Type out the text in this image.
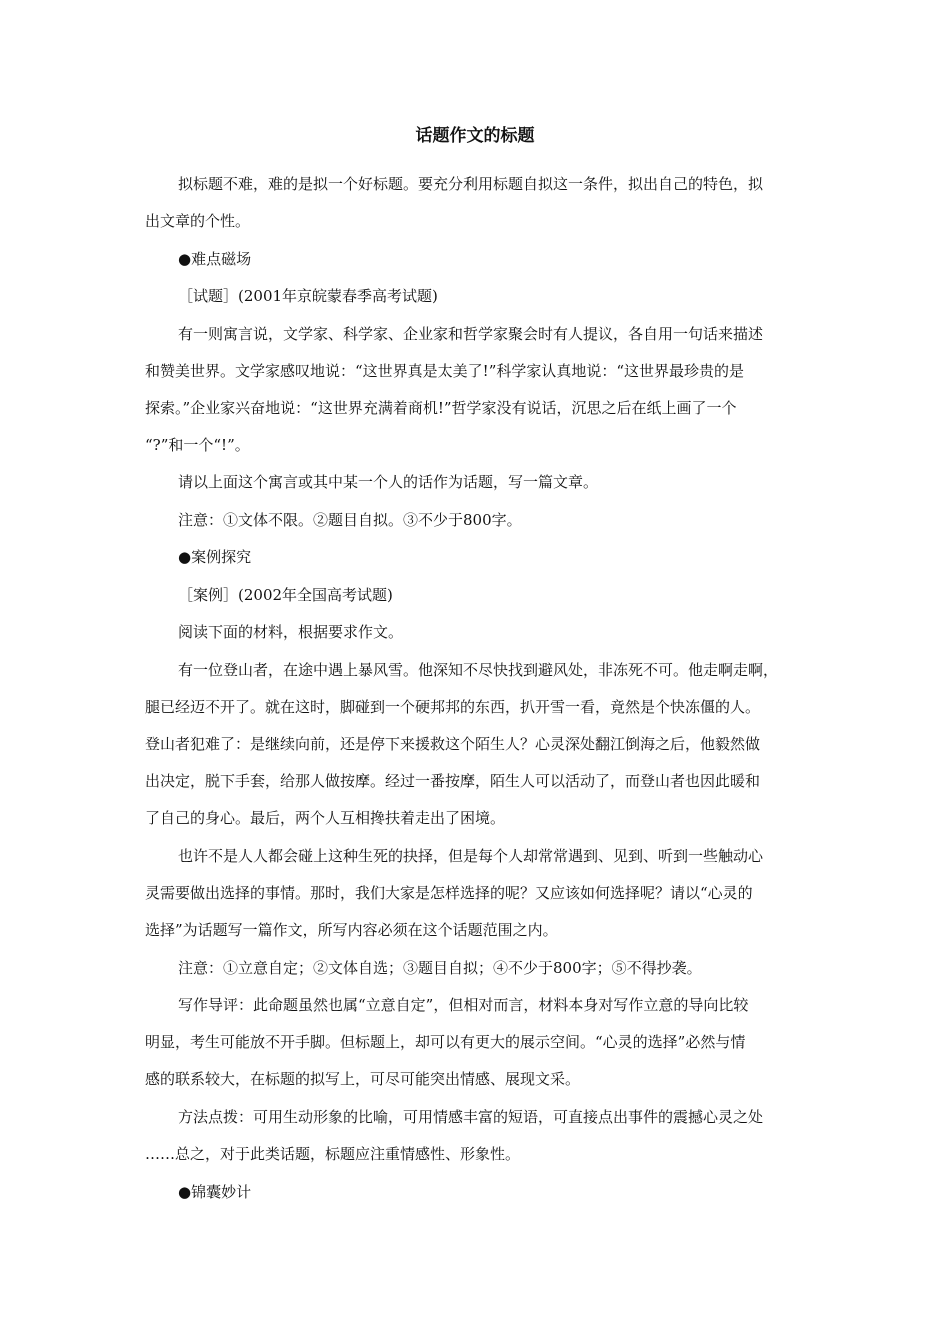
话题作文的标题

拟标题不难，难的是拟一个好标题。要充分利用标题自拟这一条件，拟出自己的特色，拟

出文章的个性。

●难点磁场

［试题］(2001年京皖蒙春季高考试题)

有一则寓言说，文学家、科学家、企业家和哲学家聚会时有人提议，各自用一句话来描述

和赞美世界。文学家感叹地说：“这世界真是太美了!”科学家认真地说：“这世界最珍贵的是

探索。”企业家兴奋地说：“这世界充满着商机!”哲学家没有说话，沉思之后在纸上画了一个

“?”和一个“!”。

请以上面这个寓言或其中某一个人的话作为话题，写一篇文章。

注意：①文体不限。②题目自拟。③不少于800字。

●案例探究

［案例］(2002年全国高考试题)

阅读下面的材料，根据要求作文。

有一位登山者，在途中遇上暴风雪。他深知不尽快找到避风处，非冻死不可。他走啊走啊，

腿已经迈不开了。就在这时，脚碰到一个硬邦邦的东西，扒开雪一看，竟然是个快冻僵的人。

登山者犯难了：是继续向前，还是停下来援救这个陌生人？心灵深处翻江倒海之后，他毅然做

出决定，脱下手套，给那人做按摩。经过一番按摩，陌生人可以活动了，而登山者也因此暖和

了自己的身心。最后，两个人互相搀扶着走出了困境。

也许不是人人都会碰上这种生死的抉择，但是每个人却常常遇到、见到、听到一些触动心

灵需要做出选择的事情。那时，我们大家是怎样选择的呢？又应该如何选择呢？请以“心灵的

选择”为话题写一篇作文，所写内容必须在这个话题范围之内。

注意：①立意自定；②文体自选；③题目自拟；④不少于800字；⑤不得抄袭。

写作导评：此命题虽然也属“立意自定”，但相对而言，材料本身对写作立意的导向比较

明显，考生可能放不开手脚。但标题上，却可以有更大的展示空间。“心灵的选择”必然与情

感的联系较大，在标题的拟写上，可尽可能突出情感、展现文采。

方法点拨：可用生动形象的比喻，可用情感丰富的短语，可直接点出事件的震撼心灵之处

……总之，对于此类话题，标题应注重情感性、形象性。

●锦囊妙计
